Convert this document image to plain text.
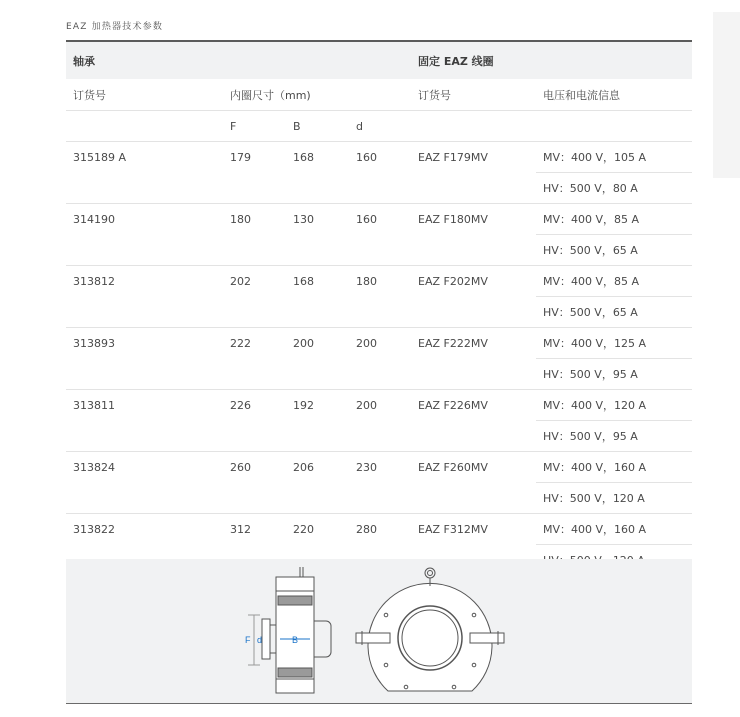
EAZ 加热器技术参数
轴承				固定 EAZ 线圈	
订货号	内圈尺寸（mm)			订货号	电压和电流信息
	F	B	d		
315189 A	179	168	160	EAZ F179MV	MV：400 V，105 A
					HV：500 V，80 A
314190	180	130	160	EAZ F180MV	MV：400 V，85 A
					HV：500 V，65 A
313812	202	168	180	EAZ F202MV	MV：400 V，85 A
					HV：500 V，65 A
313893	222	200	200	EAZ F222MV	MV：400 V，125 A
					HV：500 V，95 A
313811	226	192	200	EAZ F226MV	MV：400 V，120 A
					HV：500 V，95 A
313824	260	206	230	EAZ F260MV	MV：400 V，160 A
					HV：500 V，120 A
313822	312	220	280	EAZ F312MV	MV：400 V，160 A

F d	B
